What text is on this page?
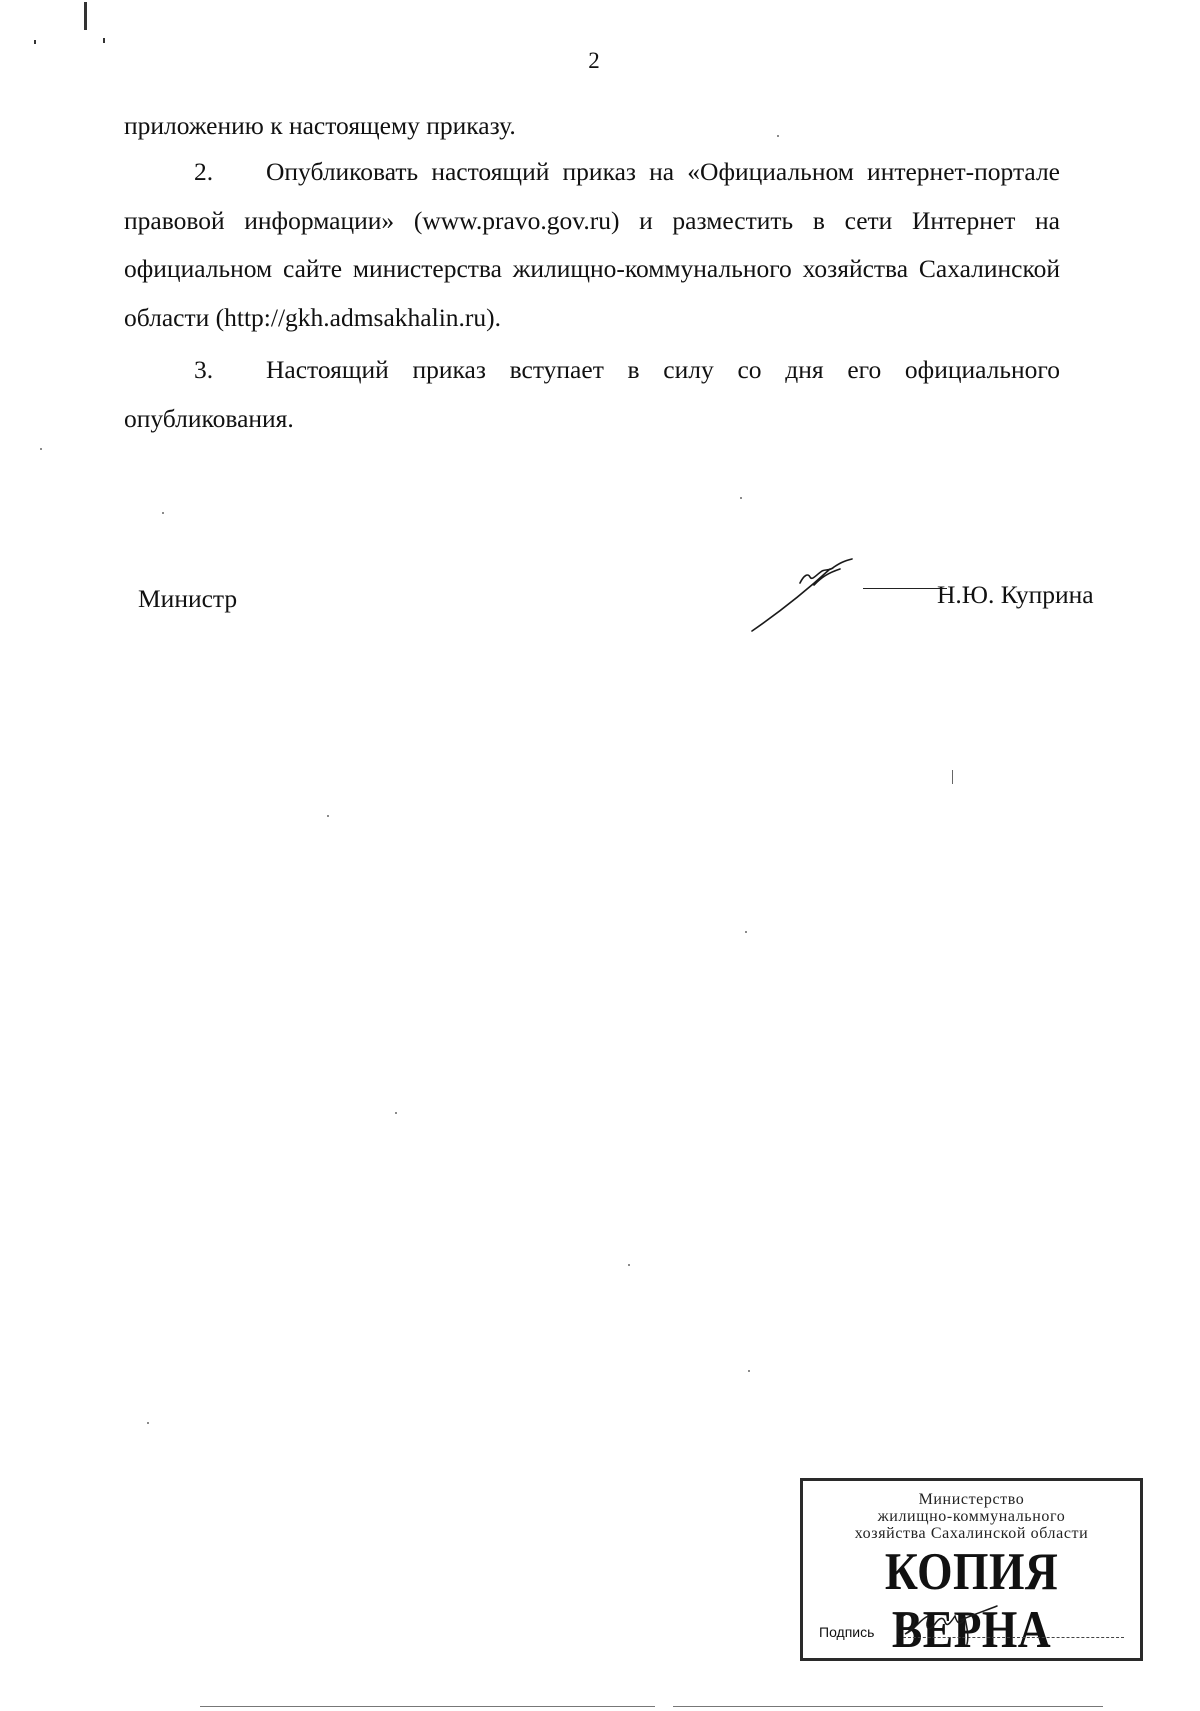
2
приложению к настоящему приказу.
2. Опубликовать настоящий приказ на «Официальном интернет-портале правовой информации» (www.pravo.gov.ru) и разместить в сети Интернет на официальном сайте министерства жилищно-коммунального хозяйства Сахалинской области (http://gkh.admsakhalin.ru).
3. Настоящий приказ вступает в силу со дня его официального опубликования.
Министр	Н.Ю. Куприна
Министерство
жилищно-коммунального
хозяйства Сахалинской области
КОПИЯ ВЕРНА
Подпись
